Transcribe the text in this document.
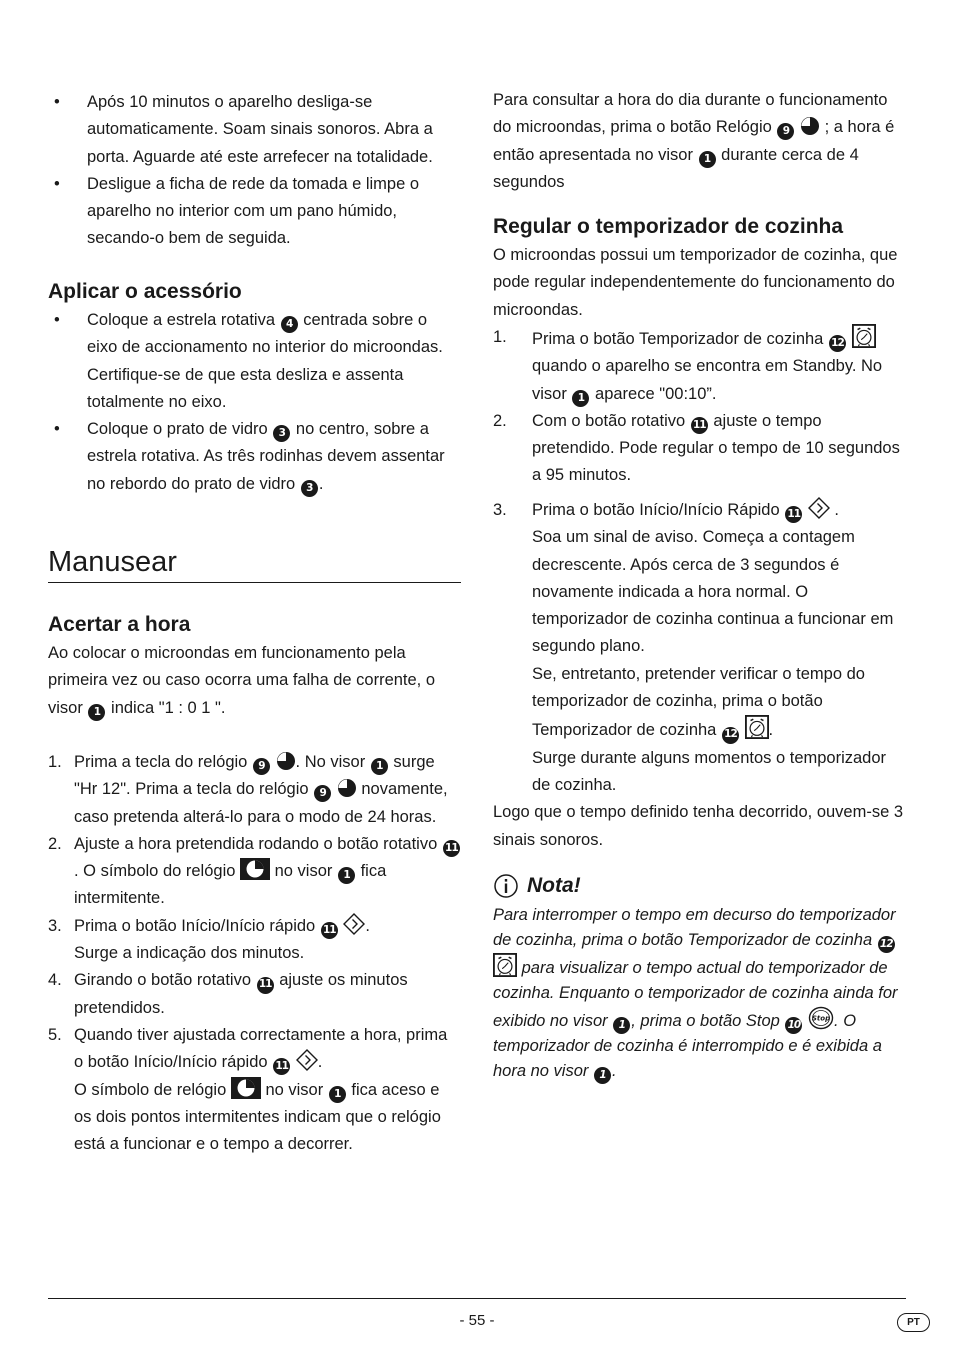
• Após 10 minutos o aparelho desliga-se automaticamente. Soam sinais sonoros. Abra a porta. Aguarde até este arrefecer na totalidade.

• Desligue a ficha de rede da tomada e limpe o aparelho no interior com um pano húmido, secando-o bem de seguida.

Aplicar o acessório

• Coloque a estrela rotativa 4 centrada sobre o eixo de accionamento no interior do microondas. Certifique-se de que esta desliza e assenta totalmente no eixo.

• Coloque o prato de vidro 3 no centro, sobre a estrela rotativa. As três rodinhas devem assentar no rebordo do prato de vidro 3 .

Manusear
Acertar a hora

Ao colocar o microondas em funcionamento pela primeira vez ou caso ocorra uma falha de corrente, o visor 1 indica "1 : 0 1 ".

1. Prima a tecla do relógio 9 . No visor 1 surge "Hr 12". Prima a tecla do relógio 9 novamente, caso pretenda alterá-lo para o modo de 24 horas.

2. Ajuste a hora pretendida rodando o botão rotativo 11. O símbolo do relógio no visor 1 fica intermitente.

3. Prima o botão Início/Início rápido 11 .
Surge a indicação dos minutos.

4. Girando o botão rotativo 11 ajuste os minutos pretendidos.

5. Quando tiver ajustada correctamente a hora, prima o botão Início/Início rápido 11 .
O símbolo de relógio no visor 1 fica aceso e os dois pontos intermitentes indicam que o relógio está a funcionar e o tempo a decorrer.

Para consultar a hora do dia durante o funcionamento do microondas, prima o botão Relógio 9 ; a hora é então apresentada no visor 1 durante cerca de 4 segundos

Regular o temporizador de cozinha

O microondas possui um temporizador de cozinha, que pode regular independentemente do funcionamento do microondas.

1. Prima o botão Temporizador de cozinha 12  quando o aparelho se encontra em Standby. No visor 1 aparece "00:10”.

2. Com o botão rotativo 11 ajuste o tempo pretendido. Pode regular o tempo de 10 segundos a 95 minutos.

3. Prima o botão Início/Início Rápido 11 .
Soa um sinal de aviso. Começa a contagem decrescente. Após cerca de 3 segundos é novamente indicada a hora normal. O temporizador de cozinha continua a funcionar em segundo plano.
Se, entretanto, pretender verificar o tempo do temporizador de cozinha, prima o botão Temporizador de cozinha 12 .
Surge durante alguns momentos o temporizador de cozinha.

Logo que o tempo definido tenha decorrido, ouvem-se 3 sinais sonoros.

Nota!

Para interromper o tempo em decurso do temporizador de cozinha, prima o botão Temporizador de cozinha 12  para visualizar o tempo actual do temporizador de cozinha. Enquanto o temporizador de cozinha ainda for exibido no visor 1 , prima o botão Stop 10
Stop . O temporizador de cozinha é interrompido e é exibida a hora no visor 1 .

- 55 -	PT
